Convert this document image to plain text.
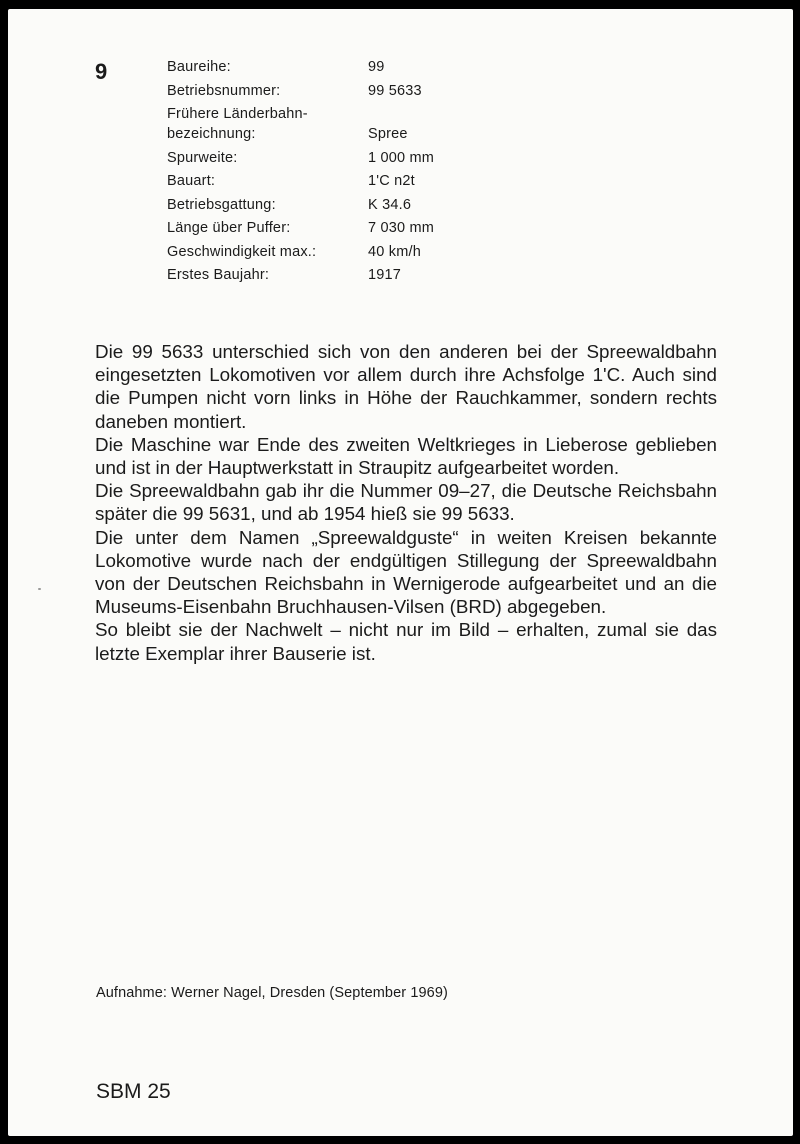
9	Baureihe:	99
Betriebsnummer:	99 5633
Frühere Länderbahn-
bezeichnung:	Spree
Spurweite:	1 000 mm
Bauart:	1'C n2t
Betriebsgattung:	K 34.6
Länge über Puffer:	7 030 mm
Geschwindigkeit max.:	40 km/h
Erstes Baujahr:	1917

Die 99 5633 unterschied sich von den anderen bei der Spreewaldbahn eingesetzten Lokomotiven vor allem durch ihre Achsfolge 1'C. Auch sind die Pumpen nicht vorn links in Höhe der Rauchkammer, sondern rechts daneben montiert.

Die Maschine war Ende des zweiten Weltkrieges in Lieberose geblieben und ist in der Hauptwerkstatt in Straupitz aufgearbeitet worden.

Die Spreewaldbahn gab ihr die Nummer 09–27, die Deutsche Reichsbahn später die 99 5631, und ab 1954 hieß sie 99 5633.

Die unter dem Namen „Spreewaldguste“ in weiten Kreisen bekannte Lokomotive wurde nach der endgültigen Stillegung der Spreewaldbahn von der Deutschen Reichsbahn in Wernigerode aufgearbeitet und an die Museums-Eisenbahn Bruchhausen-Vilsen (BRD) abgegeben.

So bleibt sie der Nachwelt – nicht nur im Bild – erhalten, zumal sie das letzte Exemplar ihrer Bauserie ist.

Aufnahme: Werner Nagel, Dresden (September 1969)
SBM 25
